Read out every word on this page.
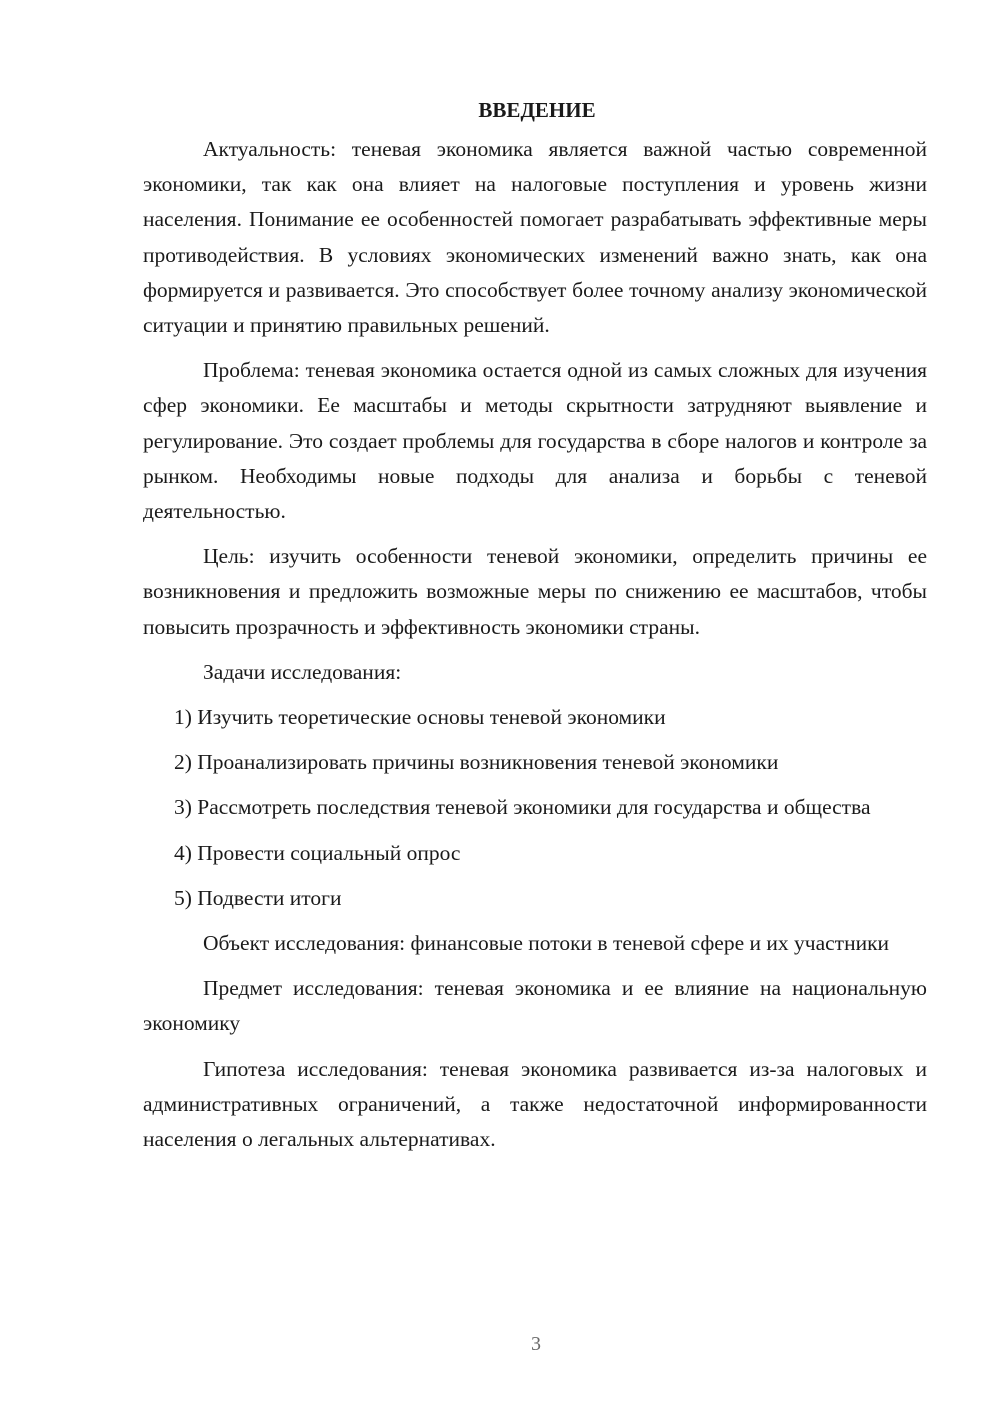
ВВЕДЕНИЕ

Актуальность: теневая экономика является важной частью современной экономики, так как она влияет на налоговые поступления и уровень жизни населения. Понимание ее особенностей помогает разрабатывать эффективные меры противодействия. В условиях экономических изменений важно знать, как она формируется и развивается. Это способствует более точному анализу экономической ситуации и принятию правильных решений.

Проблема: теневая экономика остается одной из самых сложных для изучения сфер экономики. Ее масштабы и методы скрытности затрудняют выявление и регулирование. Это создает проблемы для государства в сборе налогов и контроле за рынком. Необходимы новые подходы для анализа и борьбы с теневой деятельностью.

Цель: изучить особенности теневой экономики, определить причины ее возникновения и предложить возможные меры по снижению ее масштабов, чтобы повысить прозрачность и эффективность экономики страны.

Задачи исследования:

1) Изучить теоретические основы теневой экономики

2) Проанализировать причины возникновения теневой экономики

3) Рассмотреть последствия теневой экономики для государства и общества

4) Провести социальный опрос

5) Подвести итоги

Объект исследования: финансовые потоки в теневой сфере и их участники

Предмет исследования: теневая экономика и ее влияние на национальную экономику

Гипотеза исследования: теневая экономика развивается из-за налоговых и административных ограничений, а также недостаточной информированности населения о легальных альтернативах.

3
